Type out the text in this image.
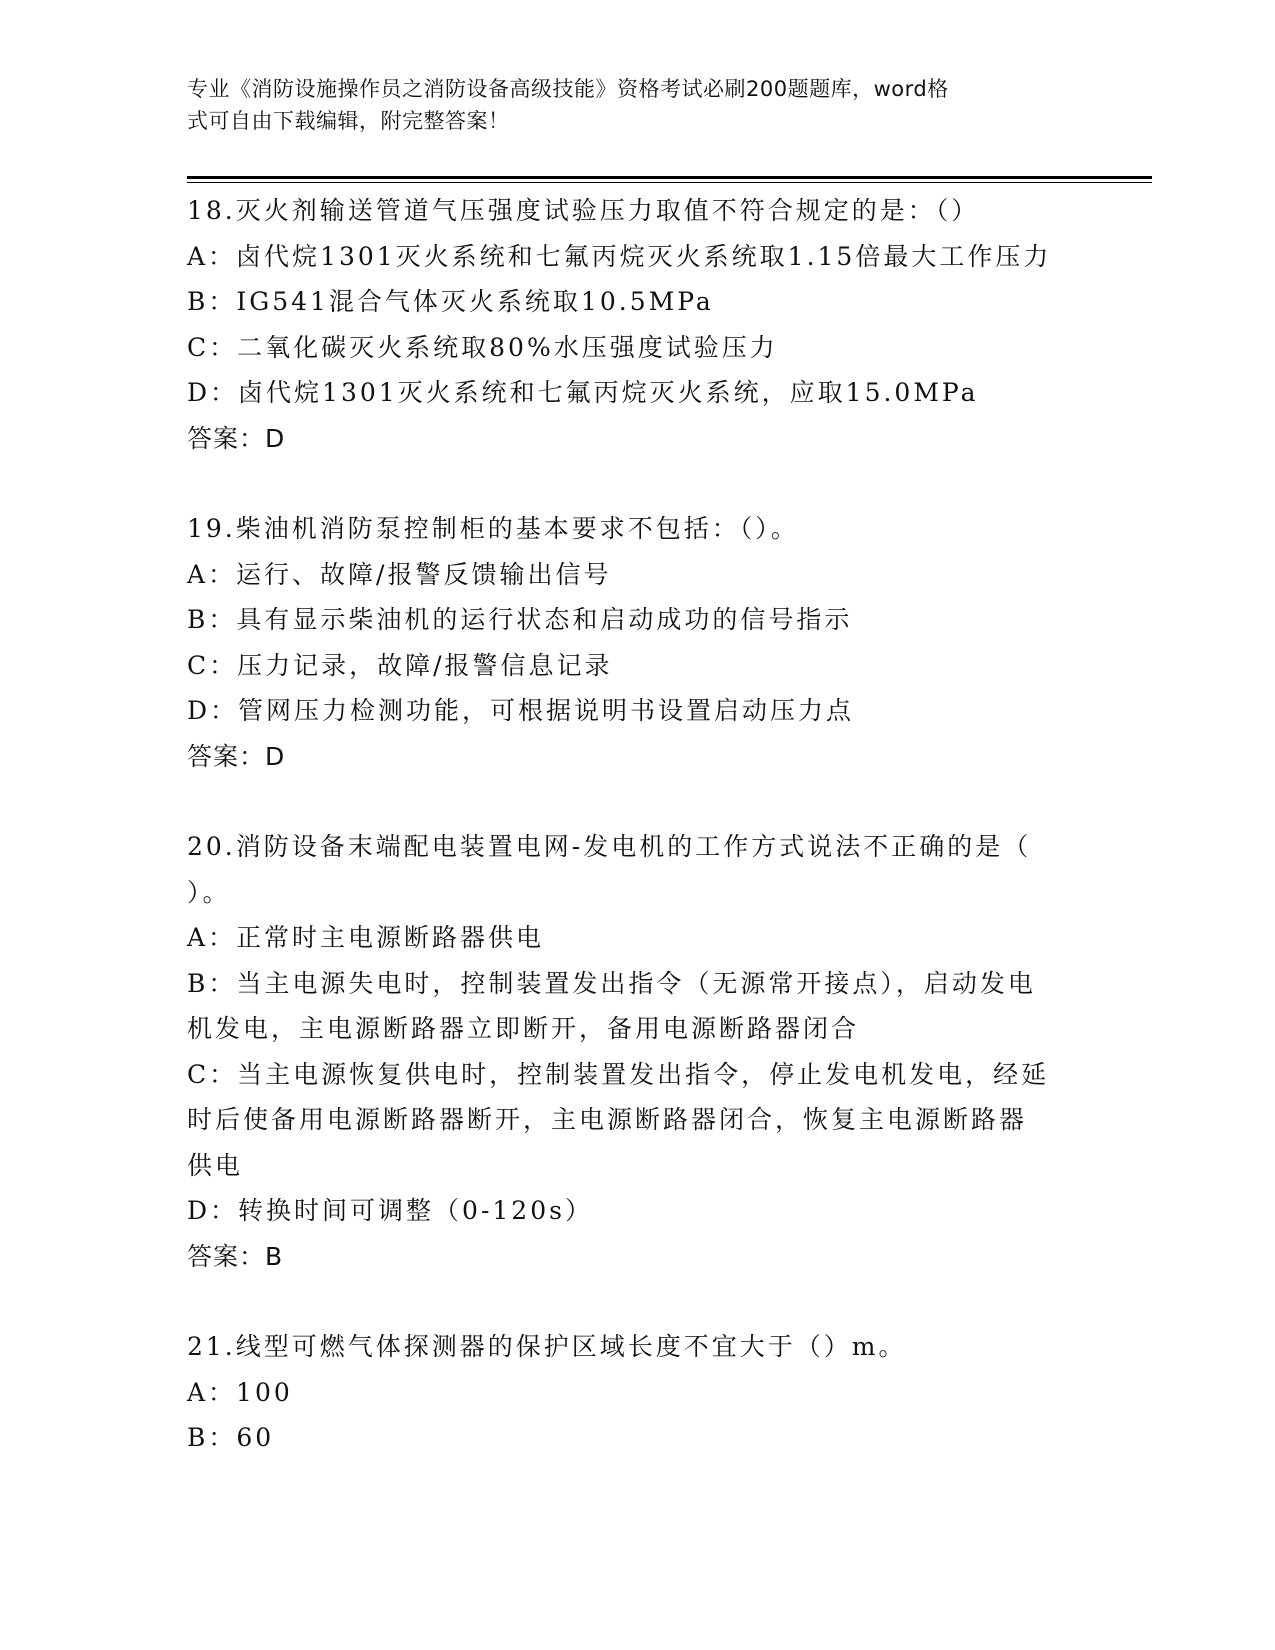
专业《消防设施操作员之消防设备高级技能》资格考试必刷200题题库，word格
式可自由下载编辑，附完整答案！
18.灭火剂输送管道气压强度试验压力取值不符合规定的是：（）
A：卤代烷1301灭火系统和七氟丙烷灭火系统取1.15倍最大工作压力
B：IG541混合气体灭火系统取10.5MPa
C：二氧化碳灭火系统取80%水压强度试验压力
D：卤代烷1301灭火系统和七氟丙烷灭火系统，应取15.0MPa
答案：D
19.柴油机消防泵控制柜的基本要求不包括：（）。
A：运行、故障/报警反馈输出信号
B：具有显示柴油机的运行状态和启动成功的信号指示
C：压力记录，故障/报警信息记录
D：管网压力检测功能，可根据说明书设置启动压力点
答案：D
20.消防设备末端配电装置电网-发电机的工作方式说法不正确的是（
）。
A：正常时主电源断路器供电
B：当主电源失电时，控制装置发出指令（无源常开接点），启动发电
机发电，主电源断路器立即断开，备用电源断路器闭合
C：当主电源恢复供电时，控制装置发出指令，停止发电机发电，经延
时后使备用电源断路器断开，主电源断路器闭合，恢复主电源断路器
供电
D：转换时间可调整（0-120s）
答案：B
21.线型可燃气体探测器的保护区域长度不宜大于（）m。
A：100
B：60
